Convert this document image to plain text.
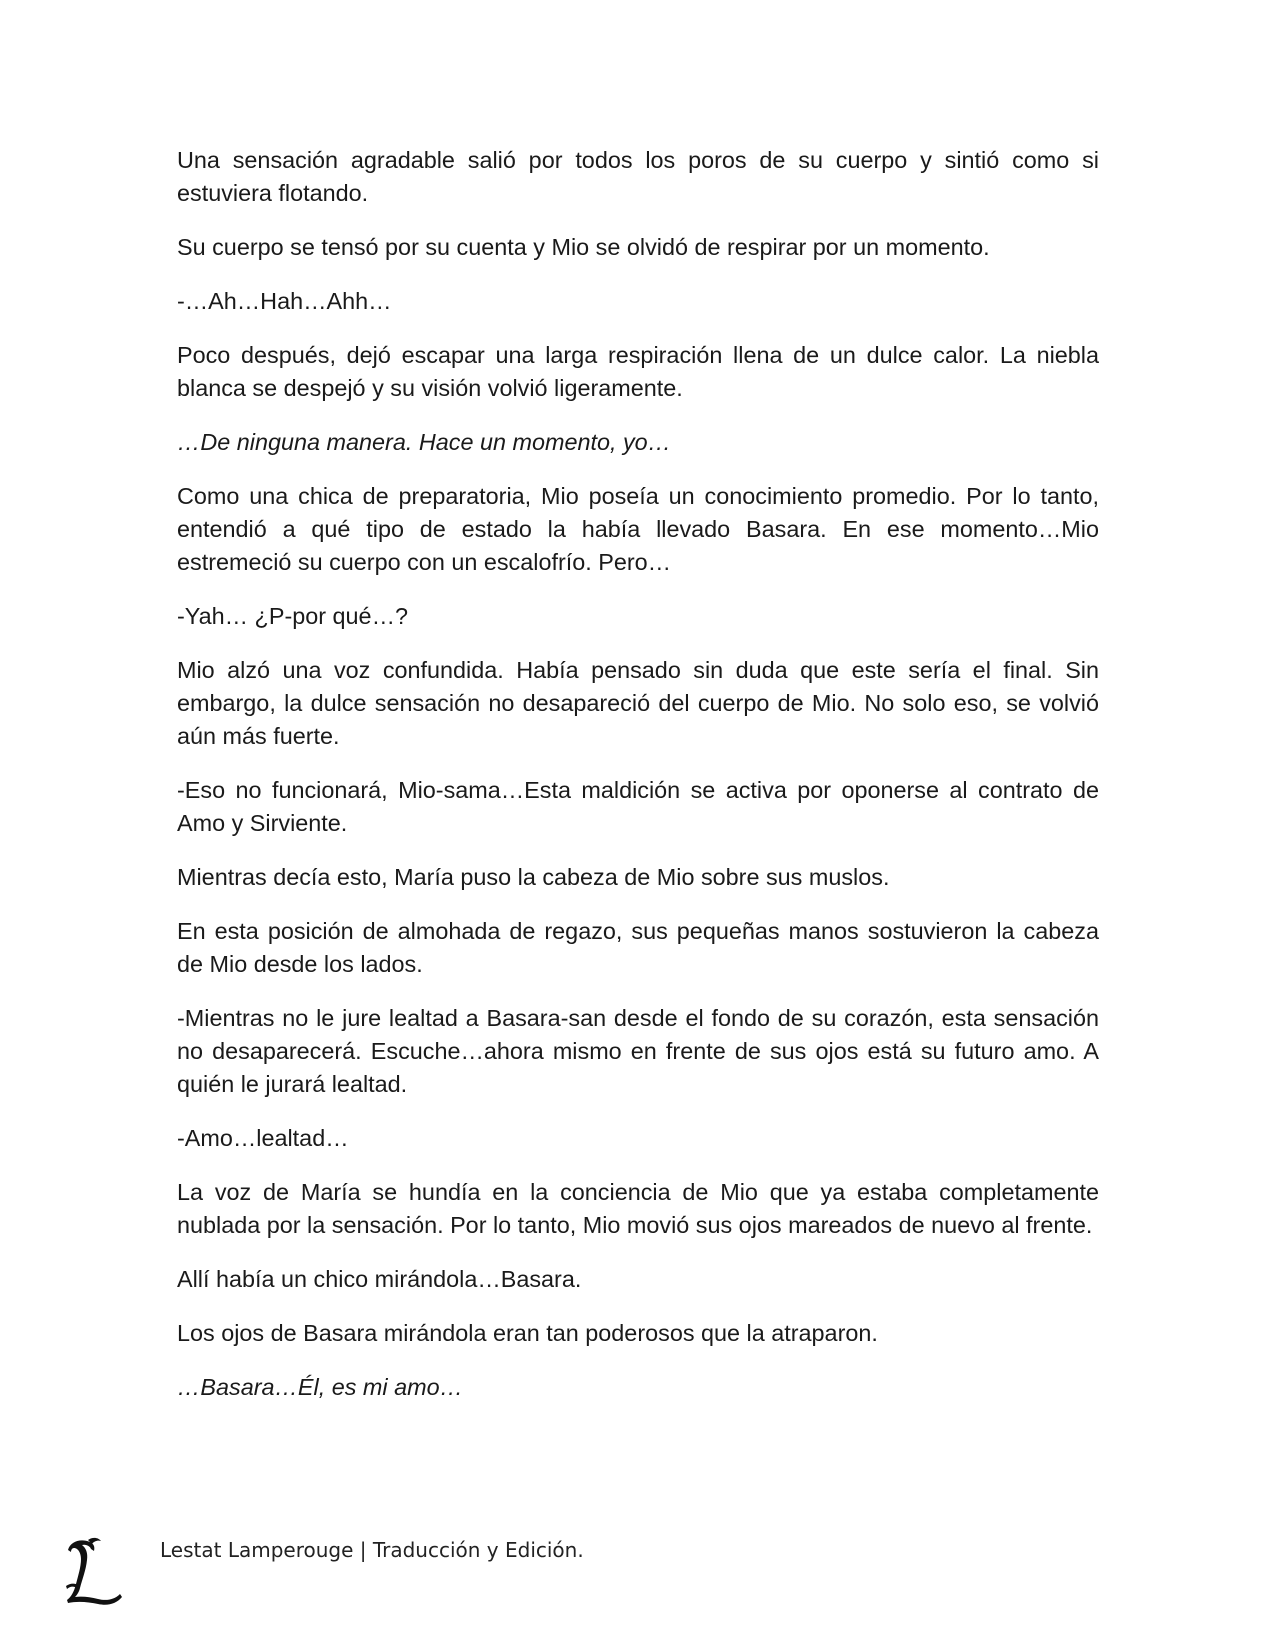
Una sensación agradable salió por todos los poros de su cuerpo y sintió como si estuviera flotando.

Su cuerpo se tensó por su cuenta y Mio se olvidó de respirar por un momento.

-…Ah…Hah…Ahh…

Poco después, dejó escapar una larga respiración llena de un dulce calor. La niebla blanca se despejó y su visión volvió ligeramente.

…De ninguna manera. Hace un momento, yo…

Como una chica de preparatoria, Mio poseía un conocimiento promedio. Por lo tanto, entendió a qué tipo de estado la había llevado Basara. En ese momento…Mio estremeció su cuerpo con un escalofrío. Pero…

-Yah… ¿P-por qué…?

Mio alzó una voz confundida. Había pensado sin duda que este sería el final. Sin embargo, la dulce sensación no desapareció del cuerpo de Mio. No solo eso, se volvió aún más fuerte.

-Eso no funcionará, Mio-sama…Esta maldición se activa por oponerse al contrato de Amo y Sirviente.

Mientras decía esto, María puso la cabeza de Mio sobre sus muslos.

En esta posición de almohada de regazo, sus pequeñas manos sostuvieron la cabeza de Mio desde los lados.

-Mientras no le jure lealtad a Basara-san desde el fondo de su corazón, esta sensación no desaparecerá. Escuche…ahora mismo en frente de sus ojos está su futuro amo. A quién le jurará lealtad.

-Amo…lealtad…

La voz de María se hundía en la conciencia de Mio que ya estaba completamente nublada por la sensación. Por lo tanto, Mio movió sus ojos mareados de nuevo al frente.

Allí había un chico mirándola…Basara.

Los ojos de Basara mirándola eran tan poderosos que la atraparon.

…Basara…Él, es mi amo…

Lestat Lamperouge | Traducción y Edición.
